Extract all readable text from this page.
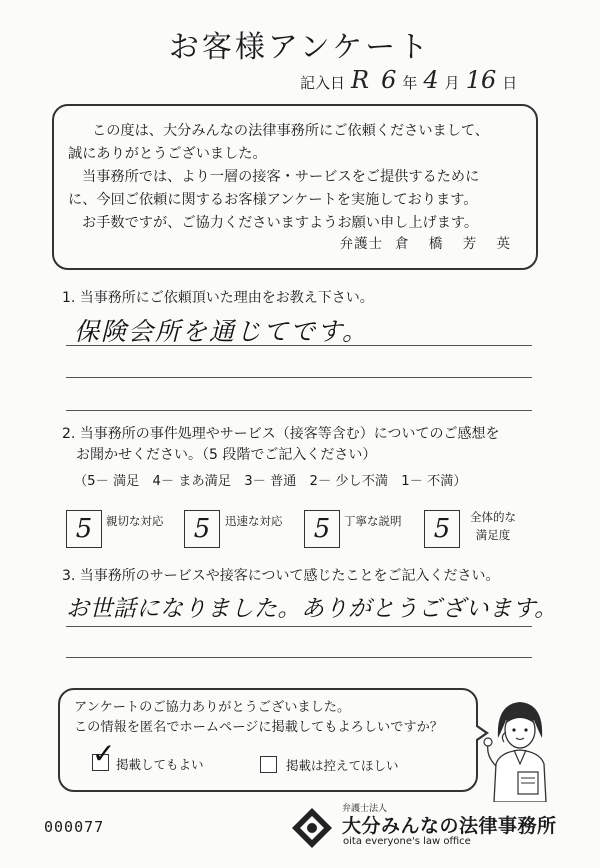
お客様アンケート
記入日 R 6 年 4 月 16 日

この度は、大分みんなの法律事務所にご依頼くださいまして、

誠にありがとうございました。

当事務所では、より一層の接客・サービスをご提供するために

に、今回ご依頼に関するお客様アンケートを実施しております。

お手数ですが、ご協力くださいますようお願い申し上げます。

弁護士 倉 橋 芳 英
1. 当事務所にご依頼頂いた理由をお教え下さい。
保険会所を通じてです。
2. 当事務所の事件処理やサービス（接客等含む）についてのご感想を
お聞かせください。（5 段階でご記入ください）
（5－ 満足　4－ まあ満足　3－ 普通　2－ 少し不満　1－ 不満）
5	親切な対応	5	迅速な対応	5	丁寧な説明	5	全体的な
満足度
3. 当事務所のサービスや接客について感じたことをご記入ください。
お世話になりました。ありがとうございます。

アンケートのご協力ありがとうございました。

この情報を匿名でホームページに掲載してもよろしいですか？

✓ 掲載してもよい	掲載は控えてほしい
000077
弁護士法人
大分みんなの法律事務所
oita everyone's law office
